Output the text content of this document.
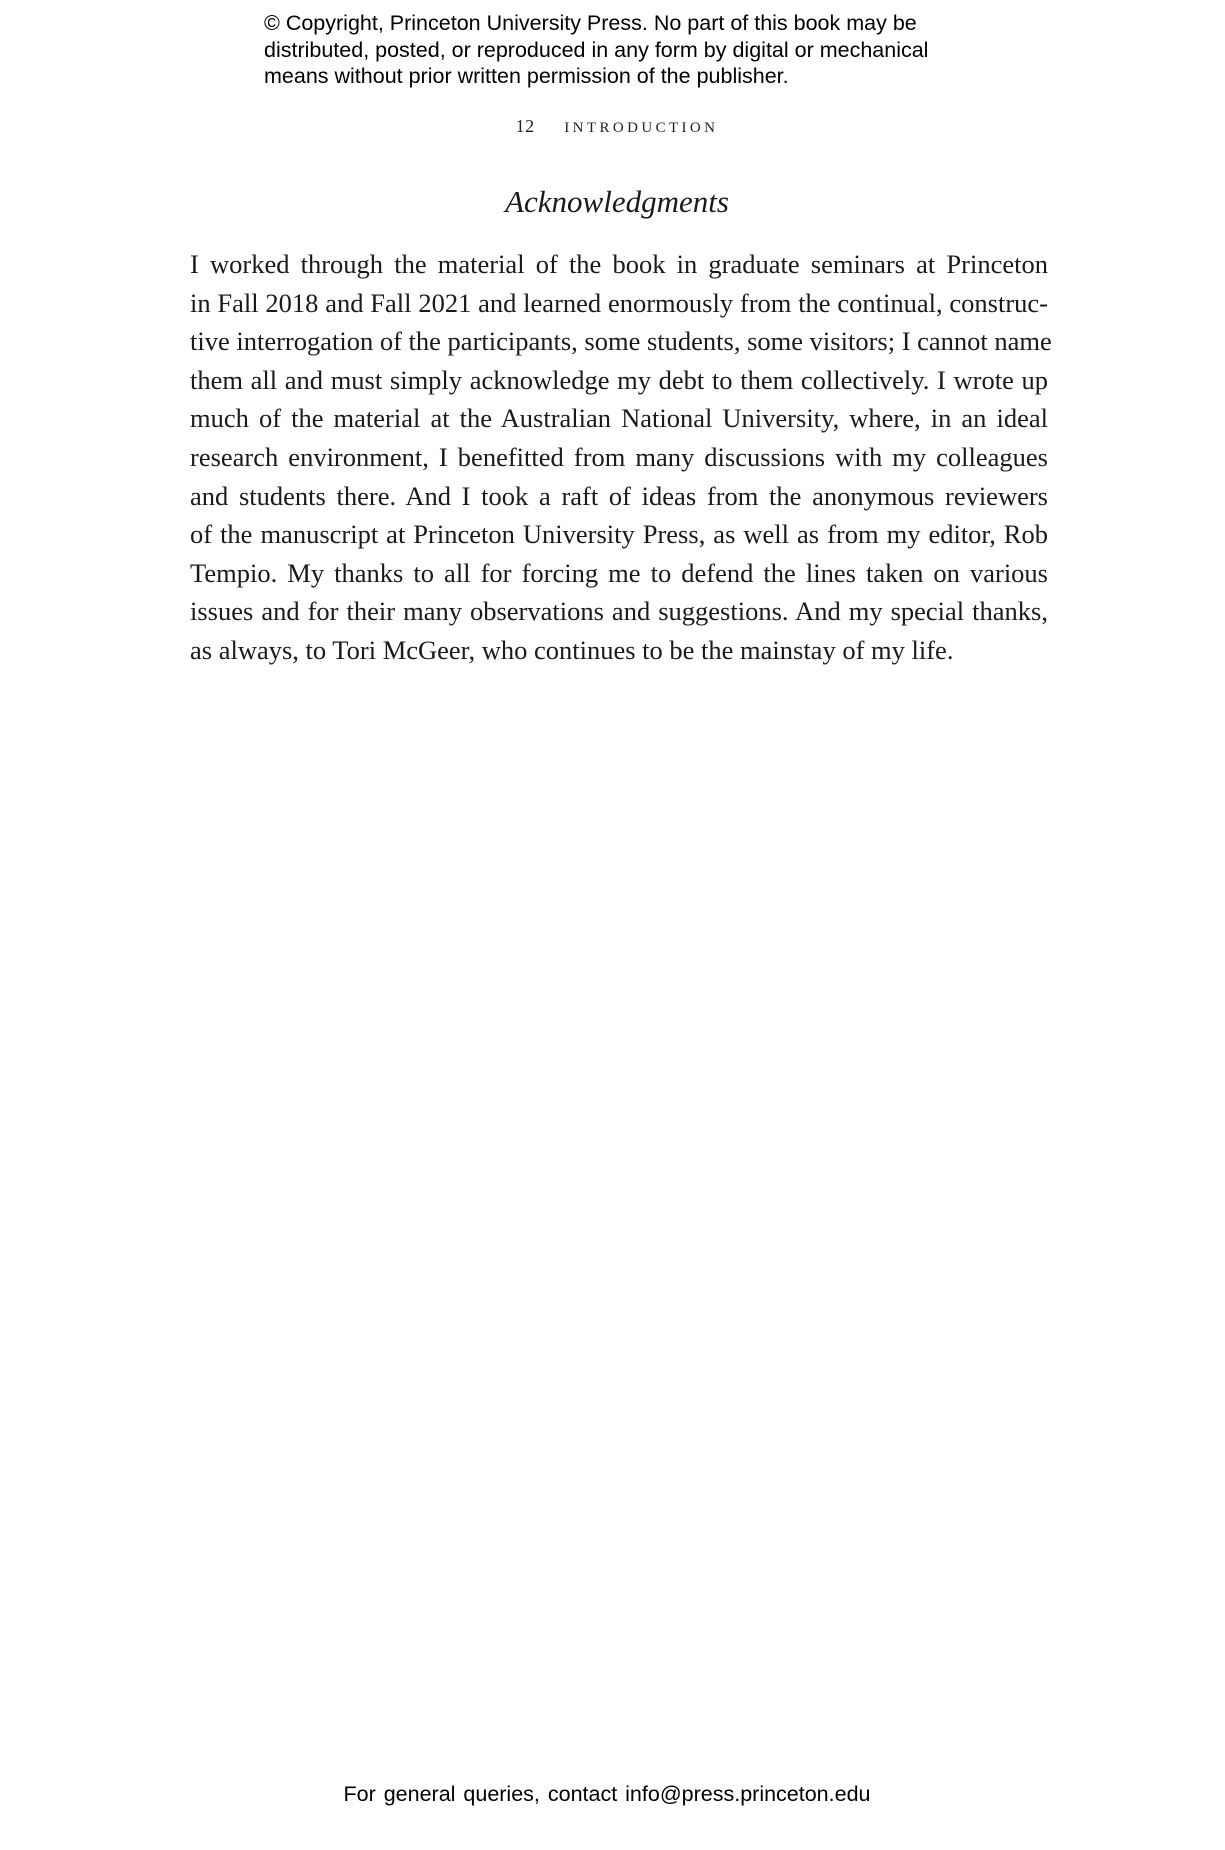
© Copyright, Princeton University Press. No part of this book may be
distributed, posted, or reproduced in any form by digital or mechanical
means without prior written permission of the publisher.
12 introduction
Acknowledgments
I worked through the material of the book in graduate seminars at Princeton
in Fall 2018 and Fall 2021 and learned enormously from the continual, construc-
tive interrogation of the participants, some students, some visitors; I cannot name
them all and must simply acknowledge my debt to them collectively. I wrote up
much of the material at the Australian National University, where, in an ideal
research environment, I benefitted from many discussions with my colleagues
and students there. And I took a raft of ideas from the anonymous reviewers
of the manuscript at Princeton University Press, as well as from my editor, Rob
Tempio. My thanks to all for forcing me to defend the lines taken on various
issues and for their many observations and suggestions. And my special thanks,
as always, to Tori McGeer, who continues to be the mainstay of my life.
For general queries, contact info@press.princeton.edu
